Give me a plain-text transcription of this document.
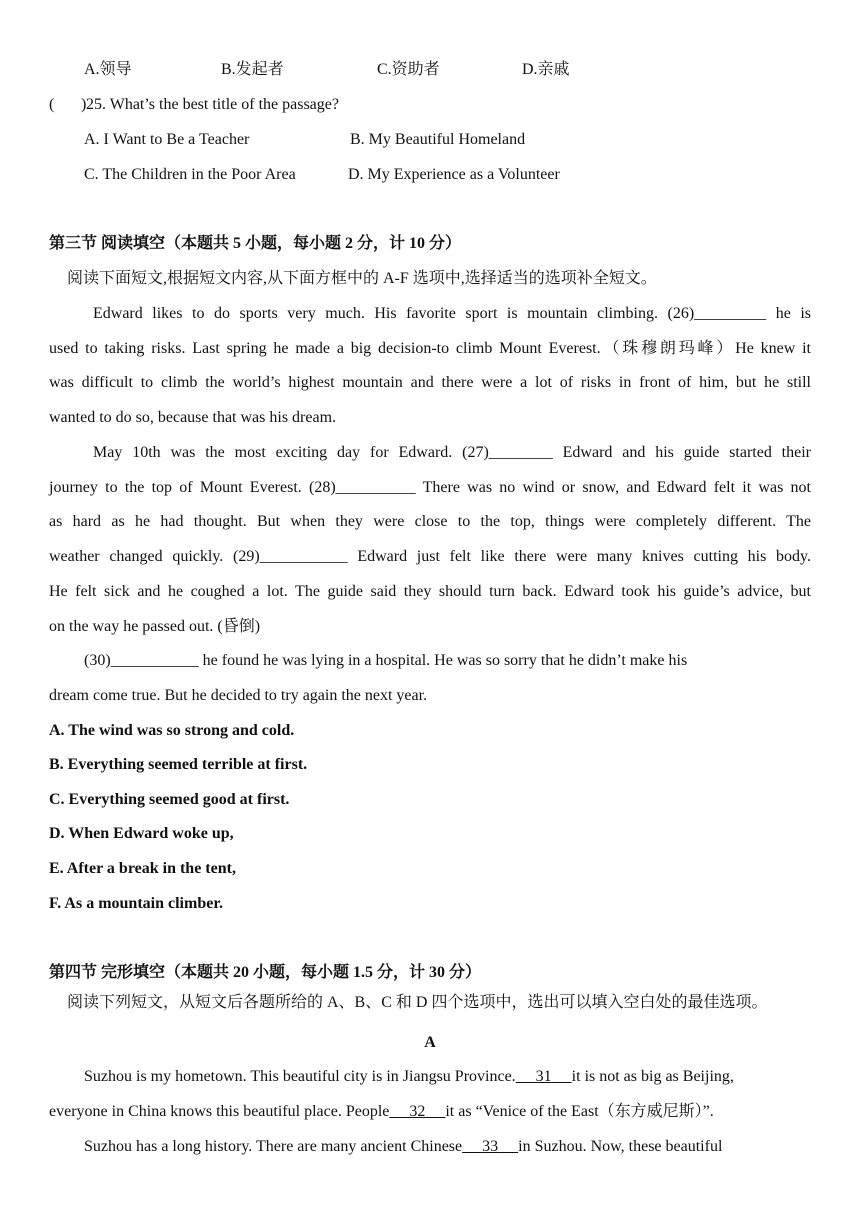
A.领导	B.发起者	C.资助者	D.亲戚
( ) 25. What’s the best title of the passage?
A. I Want to Be a Teacher	B. My Beautiful Homeland
C. The Children in the Poor Area	D. My Experience as a Volunteer
第三节 阅读填空（本题共 5 小题，每小题 2 分，计 10 分）
阅读下面短文,根据短文内容,从下面方框中的 A-F 选项中,选择适当的选项补全短文。
Edward likes to do sports very much. His favorite sport is mountain climbing. (26)_________ he is
used to taking risks. Last spring he made a big decision-to climb Mount Everest.（珠穆朗玛峰）He knew it
was difficult to climb the world’s highest mountain and there were a lot of risks in front of him, but he still
wanted to do so, because that was his dream.
May 10th was the most exciting day for Edward. (27)________ Edward and his guide started their
journey to the top of Mount Everest. (28)__________ There was no wind or snow, and Edward felt it was not
as hard as he had thought. But when they were close to the top, things were completely different. The
weather changed quickly. (29)___________ Edward just felt like there were many knives cutting his body.
He felt sick and he coughed a lot. The guide said they should turn back. Edward took his guide’s advice, but
on the way he passed out. (昏倒)
(30)___________ he found he was lying in a hospital. He was so sorry that he didn’t make his
dream come true. But he decided to try again the next year.
A. The wind was so strong and cold.
B. Everything seemed terrible at first.
C. Everything seemed good at first.
D. When Edward woke up,
E. After a break in the tent,
F. As a mountain climber.
第四节 完形填空（本题共 20 小题，每小题 1.5 分，计 30 分）
阅读下列短文，从短文后各题所给的 A、B、C 和 D 四个选项中，选出可以填入空白处的最佳选项。
A
Suzhou is my hometown. This beautiful city is in Jiangsu Province. 31 it is not as big as Beijing,
everyone in China knows this beautiful place. People 32 it as “Venice of the East（东方威尼斯）”.
Suzhou has a long history. There are many ancient Chinese 33 in Suzhou. Now, these beautiful
